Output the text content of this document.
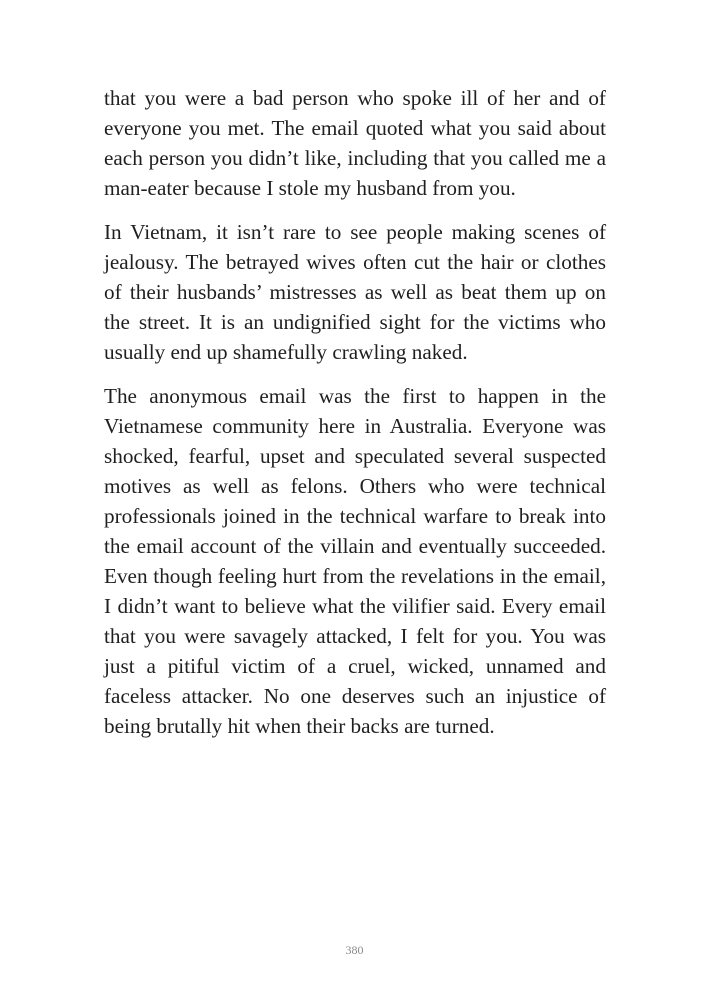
that you were a bad person who spoke ill of her and of everyone you met. The email quoted what you said about each person you didn’t like, including that you called me a man-eater because I stole my husband from you.

In Vietnam, it isn’t rare to see people making scenes of jealousy. The betrayed wives often cut the hair or clothes of their husbands’ mistresses as well as beat them up on the street. It is an undignified sight for the victims who usually end up shamefully crawling naked.

The anonymous email was the first to happen in the Vietnamese community here in Australia. Everyone was shocked, fearful, upset and speculated several suspected motives as well as felons. Others who were technical professionals joined in the technical warfare to break into the email account of the villain and eventually succeeded. Even though feeling hurt from the revelations in the email, I didn’t want to believe what the vilifier said. Every email that you were savagely attacked, I felt for you. You was just a pitiful victim of a cruel, wicked, unnamed and faceless attacker. No one deserves such an injustice of being brutally hit when their backs are turned.

380
